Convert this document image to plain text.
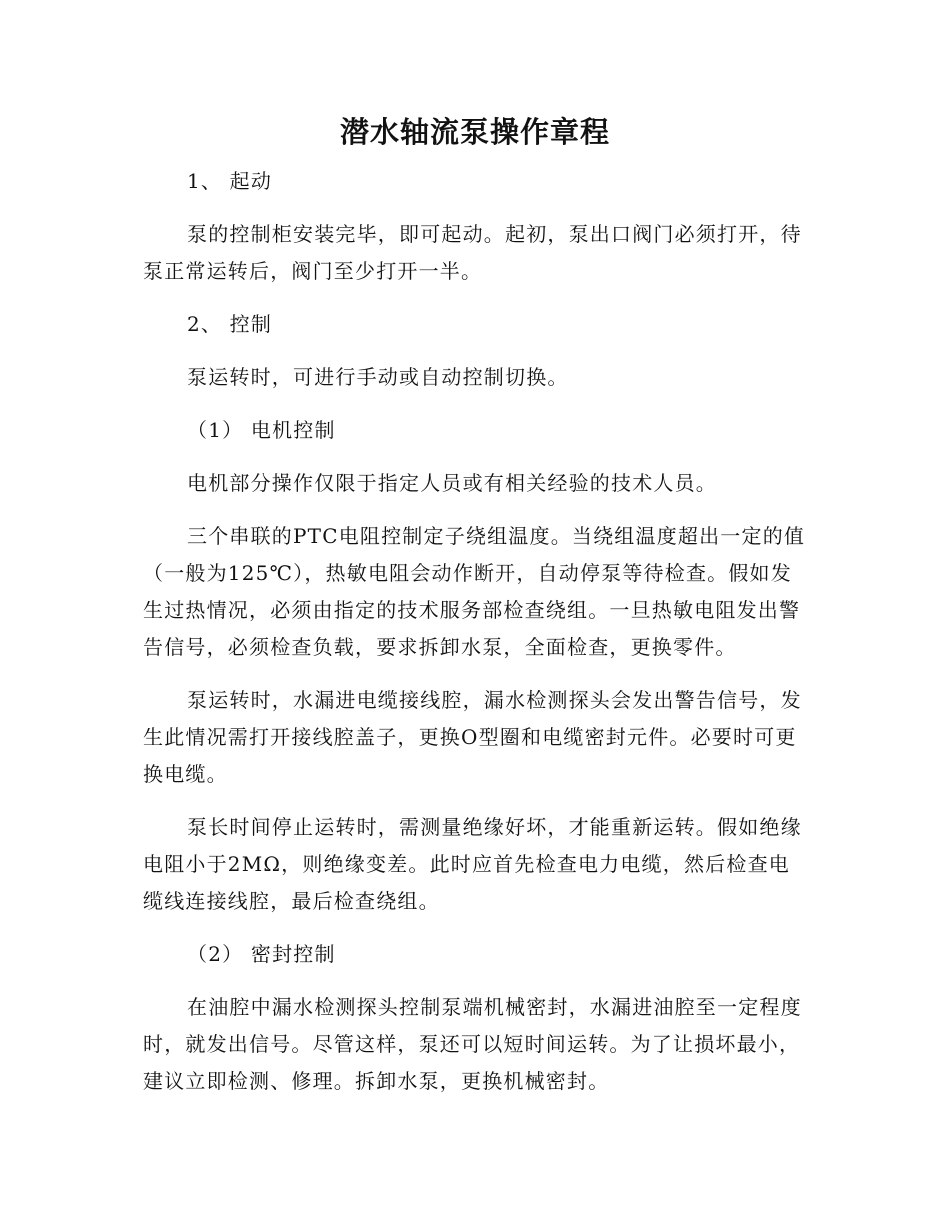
潜水轴流泵操作章程

1、 起动

泵的控制柜安装完毕，即可起动。起初，泵出口阀门必须打开，待泵正常运转后，阀门至少打开一半。

2、 控制

泵运转时，可进行手动或自动控制切换。

（1） 电机控制

电机部分操作仅限于指定人员或有相关经验的技术人员。

三个串联的PTC电阻控制定子绕组温度。当绕组温度超出一定的值（一般为125℃），热敏电阻会动作断开，自动停泵等待检查。假如发生过热情况，必须由指定的技术服务部检查绕组。一旦热敏电阻发出警告信号，必须检查负载，要求拆卸水泵，全面检查，更换零件。

泵运转时，水漏进电缆接线腔，漏水检测探头会发出警告信号，发生此情况需打开接线腔盖子，更换O型圈和电缆密封元件。必要时可更换电缆。

泵长时间停止运转时，需测量绝缘好坏，才能重新运转。假如绝缘电阻小于2MΩ，则绝缘变差。此时应首先检查电力电缆，然后检查电缆线连接线腔，最后检查绕组。

（2） 密封控制

在油腔中漏水检测探头控制泵端机械密封，水漏进油腔至一定程度时，就发出信号。尽管这样，泵还可以短时间运转。为了让损坏最小，建议立即检测、修理。拆卸水泵，更换机械密封。
